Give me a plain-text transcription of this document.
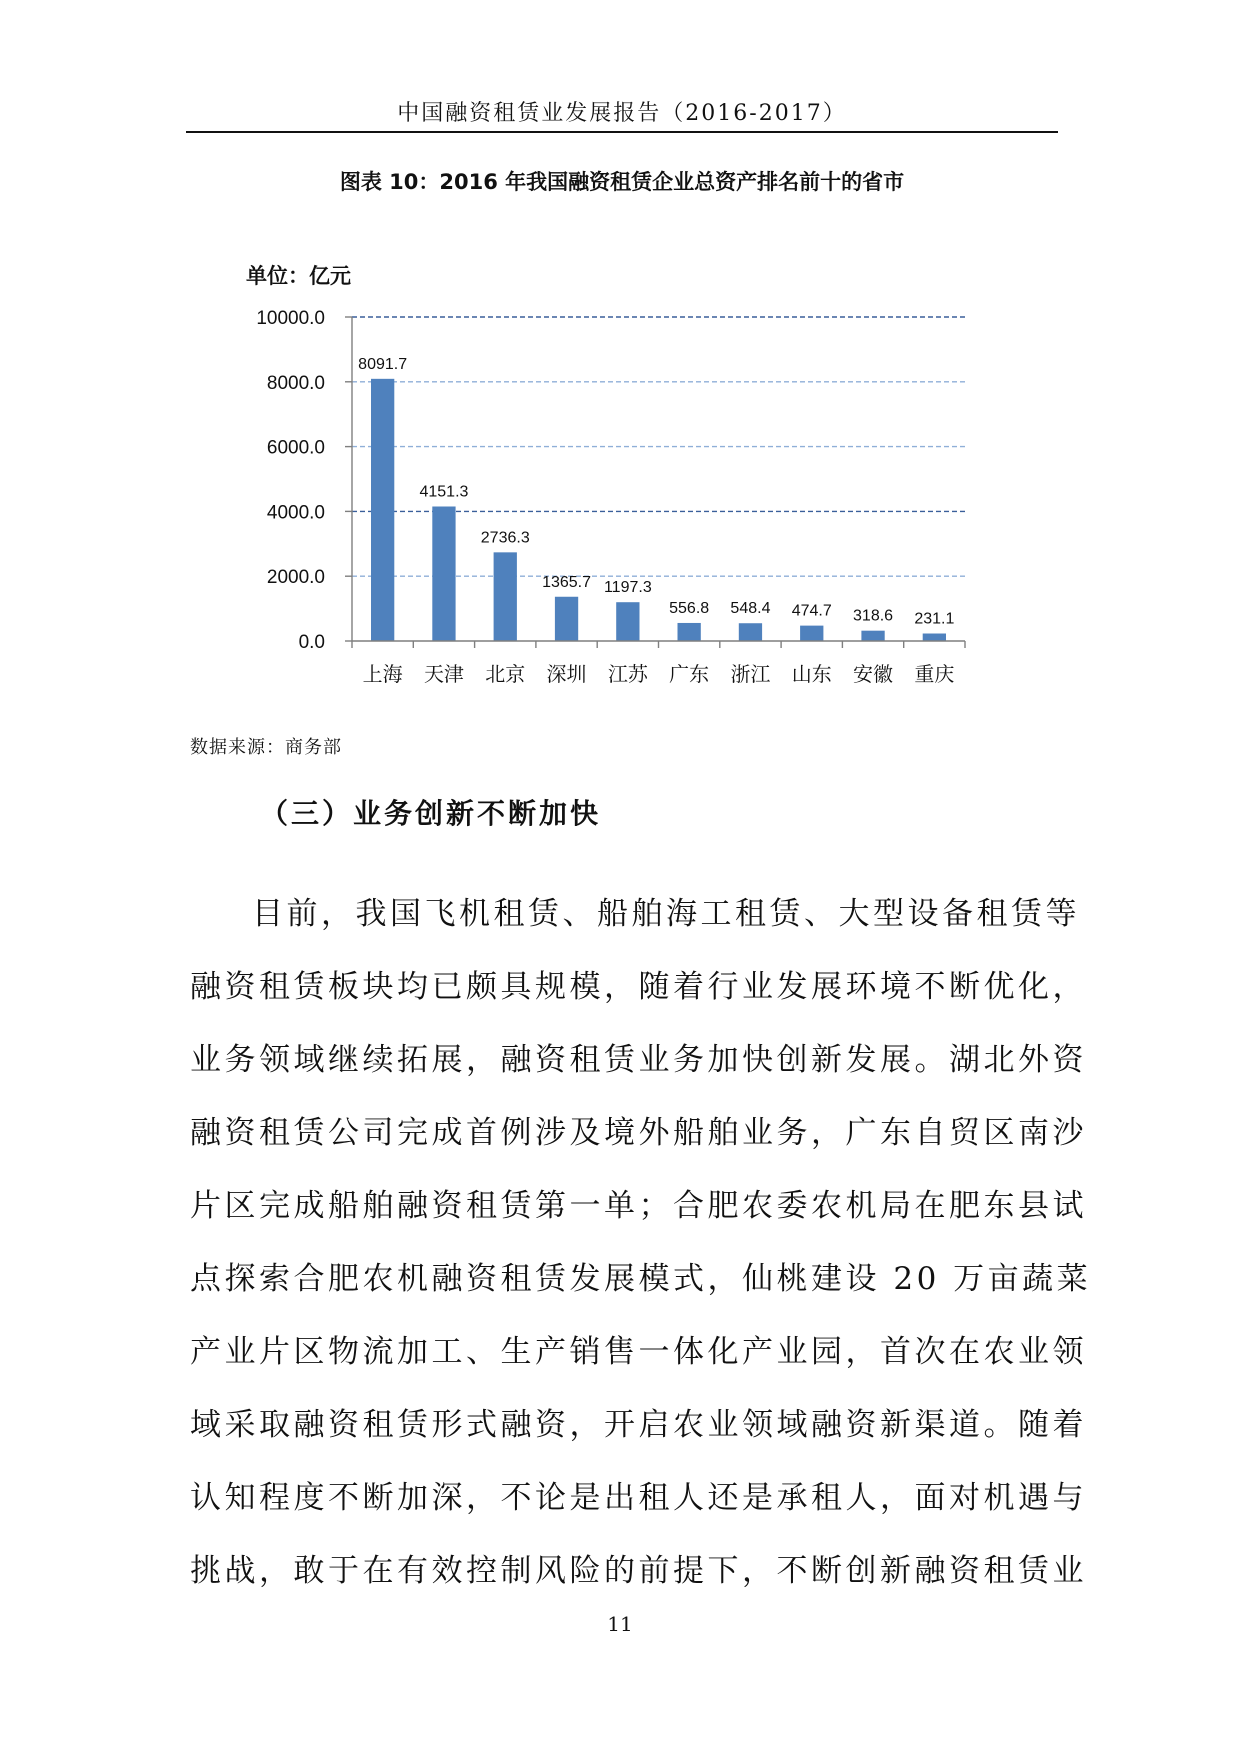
中国融资租赁业发展报告（2016-2017）
图表 10：2016 年我国融资租赁企业总资产排名前十的省市
单位：亿元
8091.7
4151.3
2736.3
1365.7 1197.3
556.8 548.4 474.7 318.6 231.1
0.0
2000.0
4000.0
6000.0
8000.0
10000.0
上海 天津 北京 深圳 江苏 广东 浙江 山东 安徽 重庆
数据来源：商务部
（三）业务创新不断加快

目前，我国飞机租赁、船舶海工租赁、大型设备租赁等
融资租赁板块均已颇具规模，随着行业发展环境不断优化，
业务领域继续拓展，融资租赁业务加快创新发展。湖北外资
融资租赁公司完成首例涉及境外船舶业务，广东自贸区南沙
片区完成船舶融资租赁第一单；合肥农委农机局在肥东县试
点探索合肥农机融资租赁发展模式，仙桃建设 20 万亩蔬菜
产业片区物流加工、生产销售一体化产业园，首次在农业领
域采取融资租赁形式融资，开启农业领域融资新渠道。随着
认知程度不断加深，不论是出租人还是承租人，面对机遇与
挑战，敢于在有效控制风险的前提下，不断创新融资租赁业

11
